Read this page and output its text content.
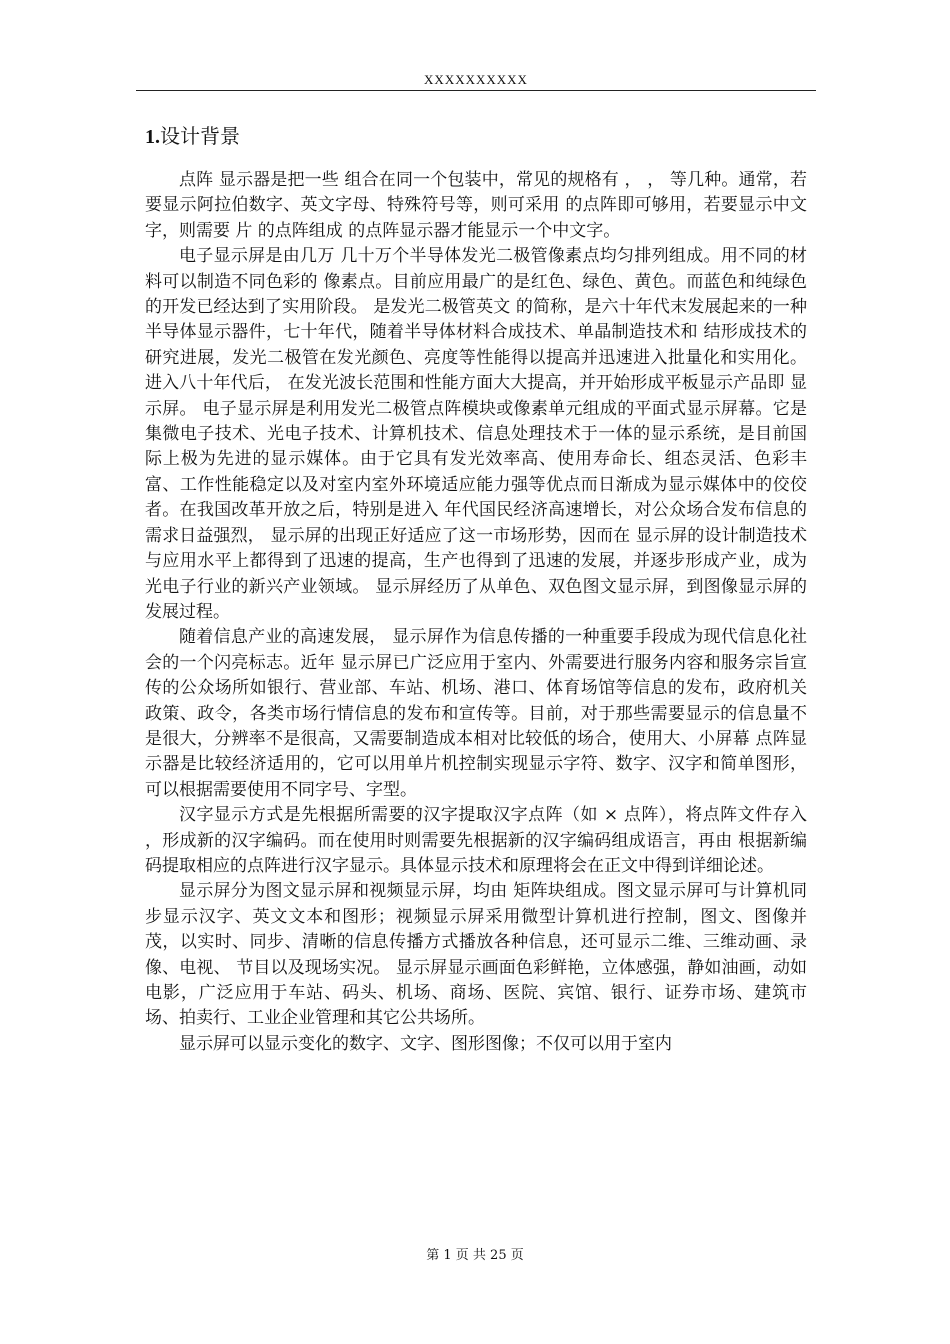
XXXXXXXXXX
1.设计背景

点阵 显示器是把一些 组合在同一个包装中，常见的规格有 ， ， 等几种。通常，若要显示阿拉伯数字、英文字母、特殊符号等，则可采用 的点阵即可够用，若要显示中文字，则需要 片 的点阵组成 的点阵显示器才能显示一个中文字。

电子显示屏是由几万 几十万个半导体发光二极管像素点均匀排列组成。用不同的材料可以制造不同色彩的 像素点。目前应用最广的是红色、绿色、黄色。而蓝色和纯绿色 的开发已经达到了实用阶段。 是发光二极管英文 的简称，是六十年代末发展起来的一种半导体显示器件，七十年代，随着半导体材料合成技术、单晶制造技术和 结形成技术的研究进展，发光二极管在发光颜色、亮度等性能得以提高并迅速进入批量化和实用化。进入八十年代后， 在发光波长范围和性能方面大大提高，并开始形成平板显示产品即 显示屏。 电子显示屏是利用发光二极管点阵模块或像素单元组成的平面式显示屏幕。它是集微电子技术、光电子技术、计算机技术、信息处理技术于一体的显示系统，是目前国际上极为先进的显示媒体。由于它具有发光效率高、使用寿命长、组态灵活、色彩丰富、工作性能稳定以及对室内室外环境适应能力强等优点而日渐成为显示媒体中的佼佼者。在我国改革开放之后，特别是进入 年代国民经济高速增长，对公众场合发布信息的需求日益强烈， 显示屏的出现正好适应了这一市场形势，因而在 显示屏的设计制造技术与应用水平上都得到了迅速的提高，生产也得到了迅速的发展，并逐步形成产业，成为光电子行业的新兴产业领域。 显示屏经历了从单色、双色图文显示屏，到图像显示屏的发展过程。

随着信息产业的高速发展， 显示屏作为信息传播的一种重要手段成为现代信息化社会的一个闪亮标志。近年 显示屏已广泛应用于室内、外需要进行服务内容和服务宗旨宣传的公众场所如银行、营业部、车站、机场、港口、体育场馆等信息的发布，政府机关政策、政令，各类市场行情信息的发布和宣传等。目前，对于那些需要显示的信息量不是很大，分辨率不是很高，又需要制造成本相对比较低的场合，使用大、小屏幕 点阵显示器是比较经济适用的，它可以用单片机控制实现显示字符、数字、汉字和简单图形，可以根据需要使用不同字号、字型。

汉字显示方式是先根据所需要的汉字提取汉字点阵（如 × 点阵），将点阵文件存入 ，形成新的汉字编码。而在使用时则需要先根据新的汉字编码组成语言，再由 根据新编码提取相应的点阵进行汉字显示。具体显示技术和原理将会在正文中得到详细论述。

显示屏分为图文显示屏和视频显示屏，均由 矩阵块组成。图文显示屏可与计算机同步显示汉字、英文文本和图形；视频显示屏采用微型计算机进行控制，图文、图像并茂，以实时、同步、清晰的信息传播方式播放各种信息，还可显示二维、三维动画、录像、电视、 节目以及现场实况。 显示屏显示画面色彩鲜艳，立体感强，静如油画，动如电影，广泛应用于车站、码头、机场、商场、医院、宾馆、银行、证券市场、建筑市场、拍卖行、工业企业管理和其它公共场所。

显示屏可以显示变化的数字、文字、图形图像；不仅可以用于室内

第 1 页 共 25 页
